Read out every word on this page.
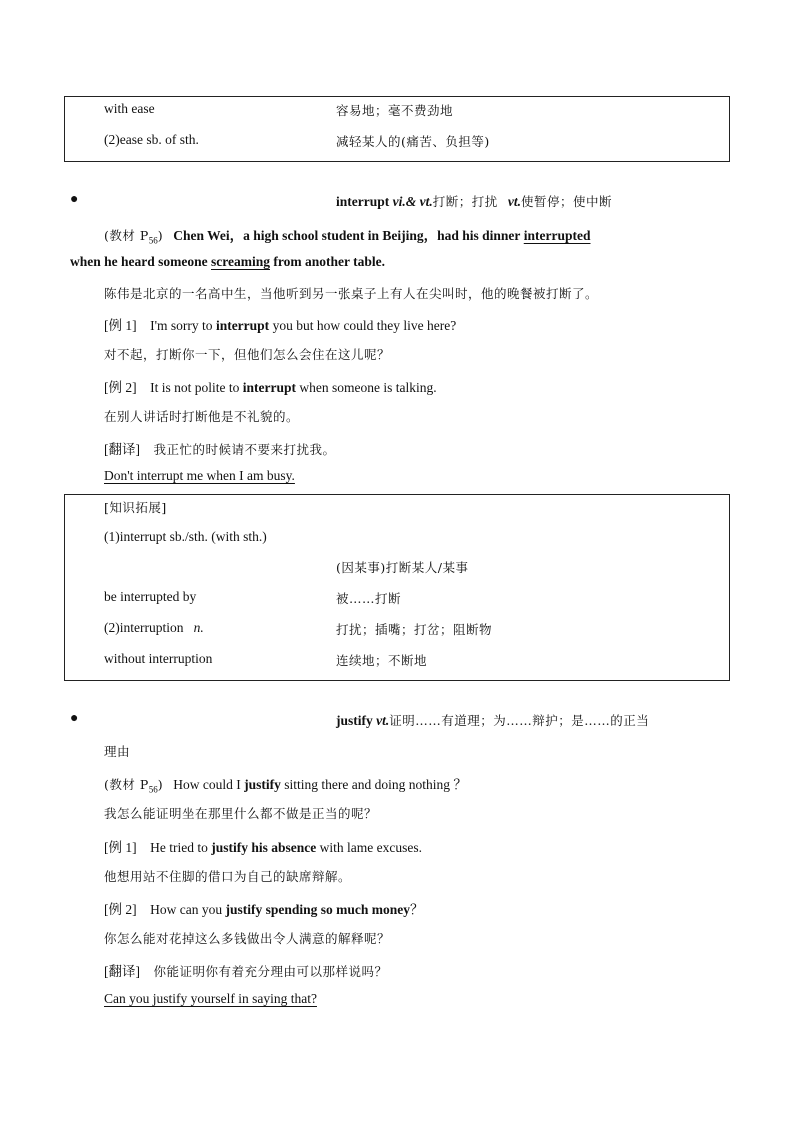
with ease	容易地；毫不费劲地
(2)ease sb. of sth.	减轻某人的(痛苦、负担等)
●	interrupt vi.& vt.打断；打扰 vt.使暂停；使中断
(教材 $P_{56}$) Chen Wei，a high school student in Beijing，had his dinner interrupted
when he heard someone screaming from another table.
陈伟是北京的一名高中生，当他听到另一张桌子上有人在尖叫时，他的晚餐被打断了。
[例 1] I'm sorry to interrupt you but how could they live here?
对不起，打断你一下，但他们怎么会住在这儿呢？
[例 2] It is not polite to interrupt when someone is talking.
在别人讲话时打断他是不礼貌的。
[翻译] 我正忙的时候请不要来打扰我。
Don't interrupt me when I am busy.
[知识拓展]
(1)interrupt sb./sth. (with sth.)
(因某事)打断某人/某事
be interrupted by	被……打断
(2)interruption n.	打扰；插嘴；打岔；阻断物
without interruption	连续地；不断地
●	justify vt.证明……有道理；为……辩护；是……的正当
理由
(教材 $P_{56}$) How could I justify sitting there and doing nothing ？
我怎么能证明坐在那里什么都不做是正当的呢？
[例 1] He tried to justify his absence with lame excuses.
他想用站不住脚的借口为自己的缺席辩解。
[例 2] How can you justify spending so much money？
你怎么能对花掉这么多钱做出令人满意的解释呢？
[翻译] 你能证明你有着充分理由可以那样说吗？
Can you justify yourself in saying that?
